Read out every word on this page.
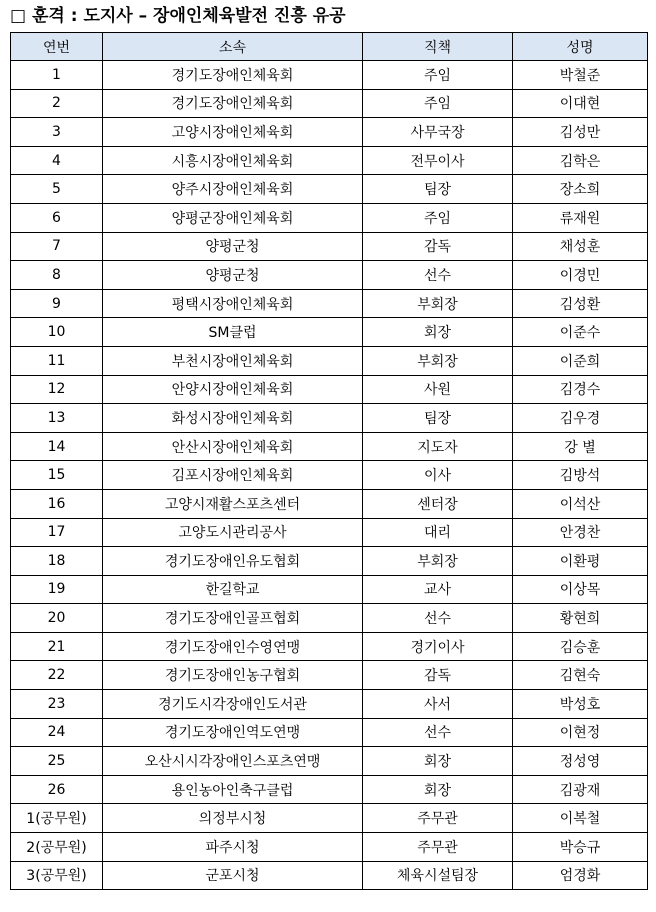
□ 훈격 : 도지사 – 장애인체육발전 진흥 유공
연번	소속	직책	성명
1	경기도장애인체육회	주임	박철준
2	경기도장애인체육회	주임	이대현
3	고양시장애인체육회	사무국장	김성만
4	시흥시장애인체육회	전무이사	김학은
5	양주시장애인체육회	팀장	장소희
6	양평군장애인체육회	주임	류재원
7	양평군청	감독	채성훈
8	양평군청	선수	이경민
9	평택시장애인체육회	부회장	김성환
10	SM클럽	회장	이준수
11	부천시장애인체육회	부회장	이준희
12	안양시장애인체육회	사원	김경수
13	화성시장애인체육회	팀장	김우경
14	안산시장애인체육회	지도자	강 별
15	김포시장애인체육회	이사	김방석
16	고양시재활스포츠센터	센터장	이석산
17	고양도시관리공사	대리	안경찬
18	경기도장애인유도협회	부회장	이환평
19	한길학교	교사	이상목
20	경기도장애인골프협회	선수	황현희
21	경기도장애인수영연맹	경기이사	김승훈
22	경기도장애인농구협회	감독	김현숙
23	경기도시각장애인도서관	사서	박성호
24	경기도장애인역도연맹	선수	이현정
25	오산시시각장애인스포츠연맹	회장	정성영
26	용인농아인축구클럽	회장	김광재
1(공무원)	의정부시청	주무관	이복철
2(공무원)	파주시청	주무관	박승규
3(공무원)	군포시청	체육시설팀장	엄경화
